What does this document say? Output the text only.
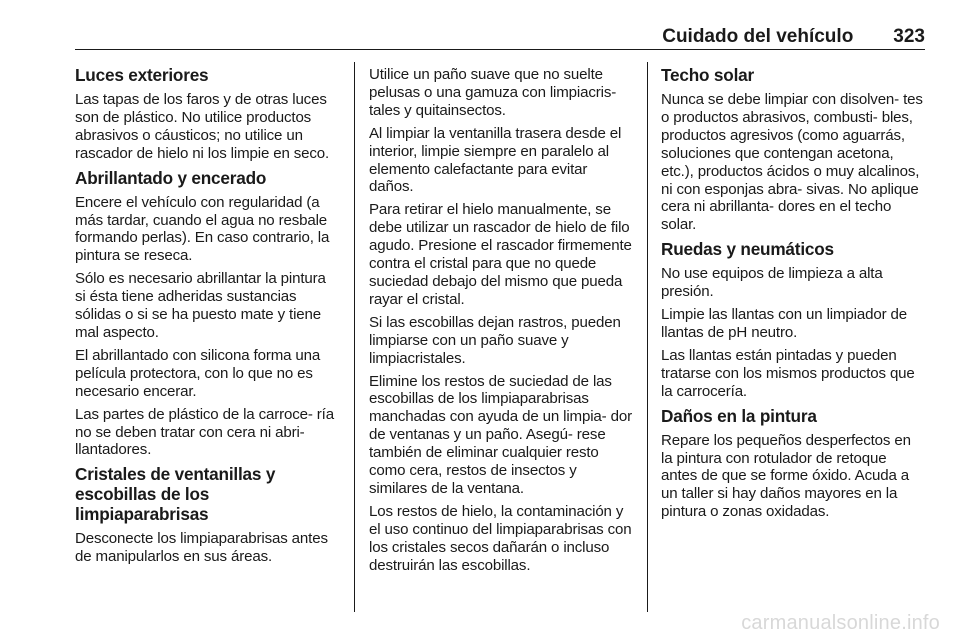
Cuidado del vehículo 323
Luces exteriores

Las tapas de los faros y de otras luces son de plástico. No utilice productos abrasivos o cáusticos; no utilice un rascador de hielo ni los limpie en seco.

Abrillantado y encerado

Encere el vehículo con regularidad (a más tardar, cuando el agua no resbale formando perlas). En caso contrario, la pintura se reseca.

Sólo es necesario abrillantar la pintura si ésta tiene adheridas sustancias sólidas o si se ha puesto mate y tiene mal aspecto.

El abrillantado con silicona forma una película protectora, con lo que no es necesario encerar.

Las partes de plástico de la carroce‑ ría no se deben tratar con cera ni abri‑ llantadores.

Cristales de ventanillas y escobillas de los limpiaparabrisas

Desconecte los limpiaparabrisas antes de manipularlos en sus áreas.

Utilice un paño suave que no suelte pelusas o una gamuza con limpiacris‑ tales y quitainsectos.

Al limpiar la ventanilla trasera desde el interior, limpie siempre en paralelo al elemento calefactante para evitar daños.

Para retirar el hielo manualmente, se debe utilizar un rascador de hielo de filo agudo. Presione el rascador firmemente contra el cristal para que no quede suciedad debajo del mismo que pueda rayar el cristal.

Si las escobillas dejan rastros, pueden limpiarse con un paño suave y limpiacristales.

Elimine los restos de suciedad de las escobillas de los limpiaparabrisas manchadas con ayuda de un limpia‑ dor de ventanas y un paño. Asegú‑ rese también de eliminar cualquier resto como cera, restos de insectos y similares de la ventana.

Los restos de hielo, la contaminación y el uso continuo del limpiaparabrisas con los cristales secos dañarán o incluso destruirán las escobillas.

Techo solar

Nunca se debe limpiar con disolven‑ tes o productos abrasivos, combusti‑ bles, productos agresivos (como aguarrás, soluciones que contengan acetona, etc.), productos ácidos o muy alcalinos, ni con esponjas abra‑ sivas. No aplique cera ni abrillanta‑ dores en el techo solar.

Ruedas y neumáticos

No use equipos de limpieza a alta presión.

Limpie las llantas con un limpiador de llantas de pH neutro.

Las llantas están pintadas y pueden tratarse con los mismos productos que la carrocería.

Daños en la pintura

Repare los pequeños desperfectos en la pintura con rotulador de retoque antes de que se forme óxido. Acuda a un taller si hay daños mayores en la pintura o zonas oxidadas.

carmanualsonline.info
